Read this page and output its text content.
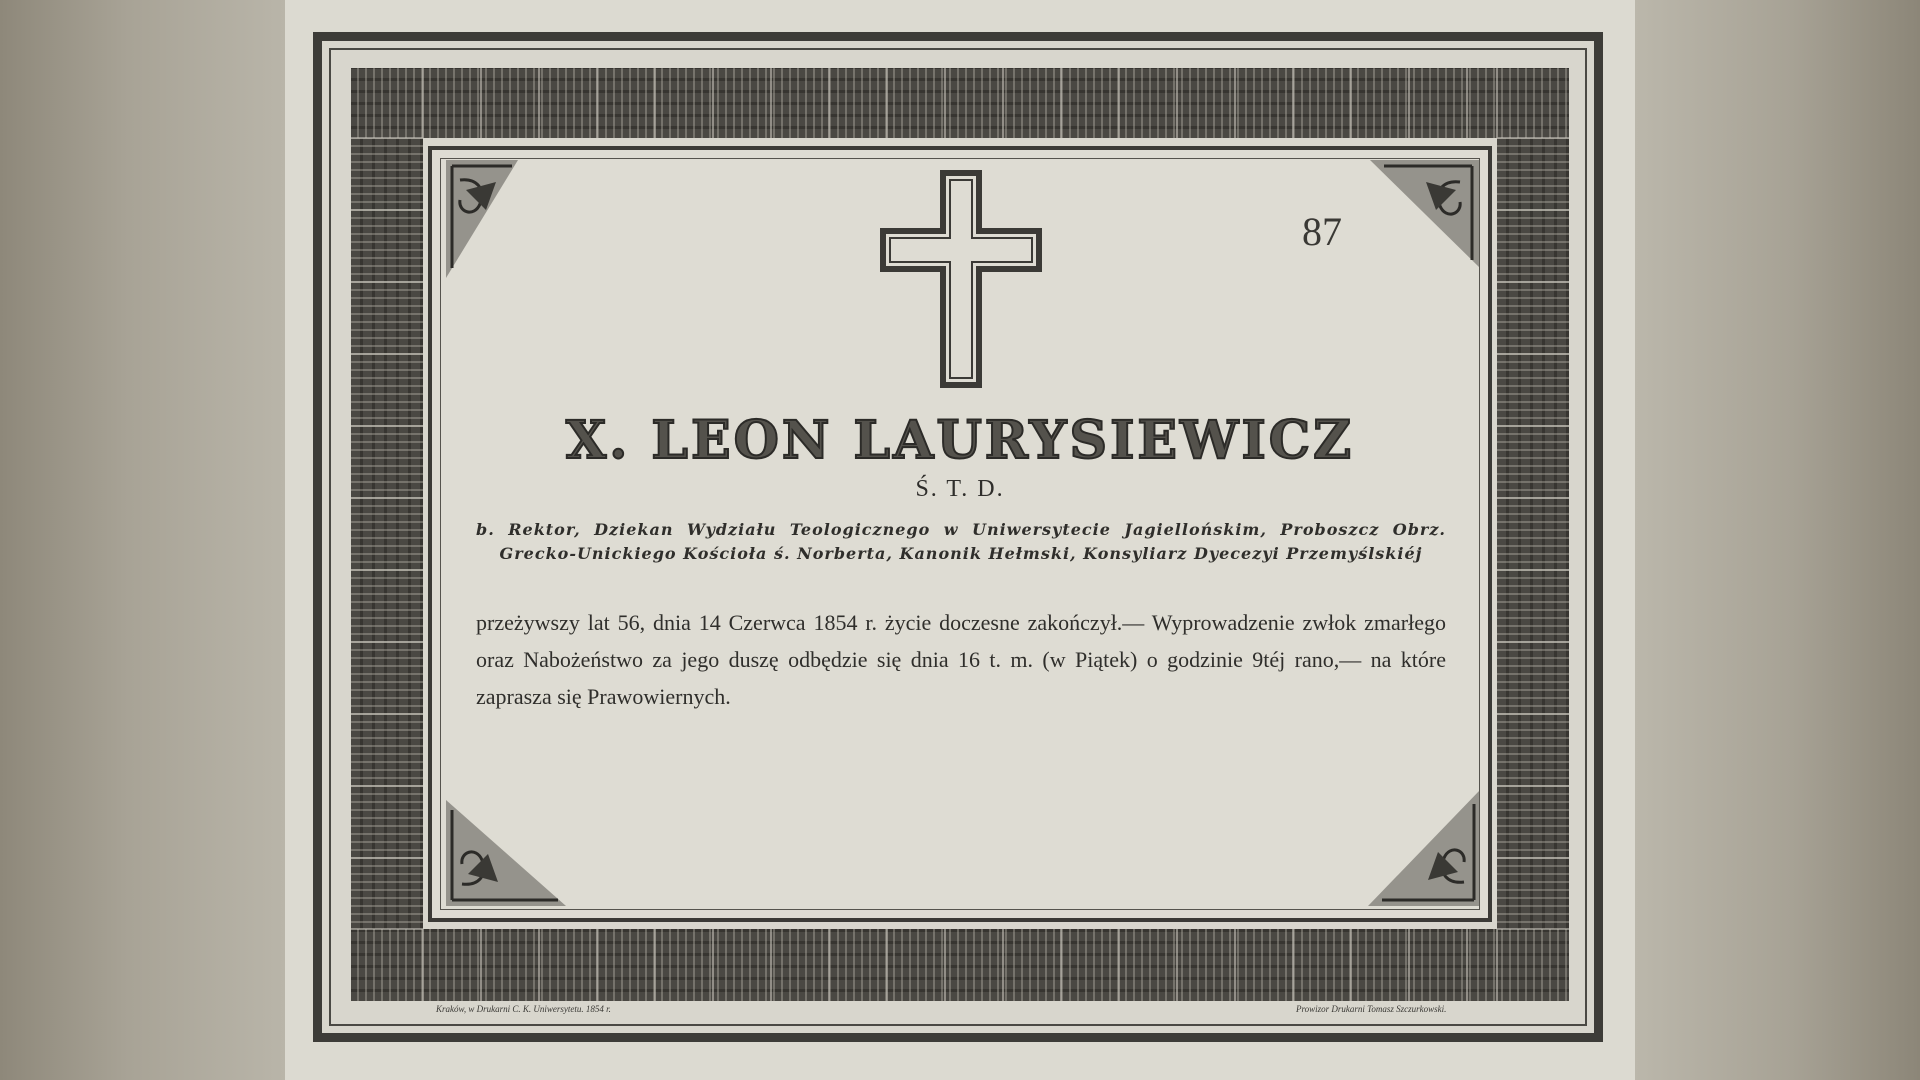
87
X. LEON LAURYSIEWICZ
Ś. T. D.
b. Rektor, Dziekan Wydziału Teologicznego w Uniwersytecie Jagiellońskim, Proboszcz Obrz. Grecko-Unickiego Kościoła ś. Norberta, Kanonik Hełmski, Konsyliarz Dyecezyi Przemyślskiéj
przeżywszy lat 56, dnia 14 Czerwca 1854 r. życie doczesne zakończył.— Wyprowadzenie zwłok zmarłego oraz Nabożeństwo za jego duszę odbędzie się dnia 16 t. m. (w Piątek) o godzinie 9téj rano,— na które zaprasza się Prawowiernych.
Kraków, w Drukarni C. K. Uniwersytetu. 1854 r.	Prowizor Drukarni Tomasz Szczurkowski.
